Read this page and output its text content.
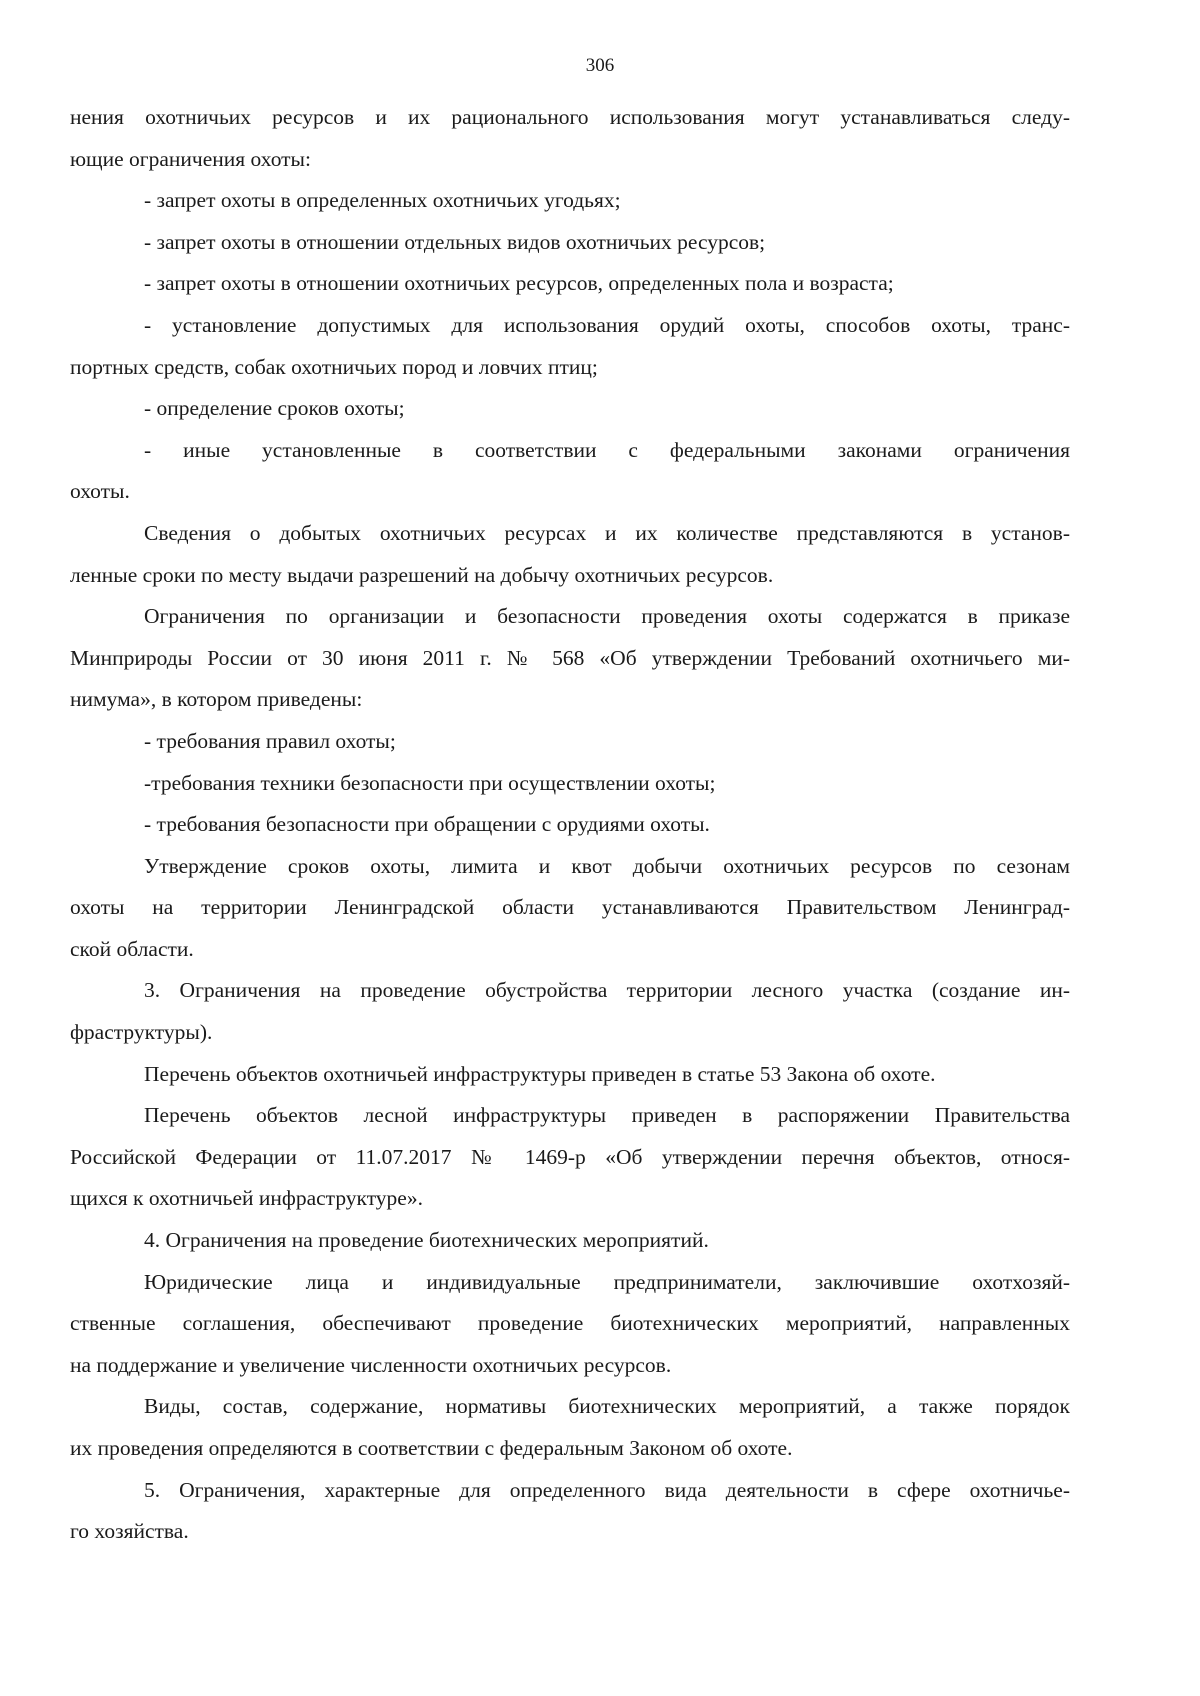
306
нения охотничьих ресурсов и их рационального использования могут устанавливаться следу-
ющие ограничения охоты:
- запрет охоты в определенных охотничьих угодьях;
- запрет охоты в отношении отдельных видов охотничьих ресурсов;
- запрет охоты в отношении охотничьих ресурсов, определенных пола и возраста;
- установление допустимых для использования орудий охоты, способов охоты, транс-
портных средств, собак охотничьих пород и ловчих птиц;
- определение сроков охоты;
- иные установленные в соответствии с федеральными законами ограничения
охоты.
Сведения о добытых охотничьих ресурсах и их количестве представляются в установ-
ленные сроки по месту выдачи разрешений на добычу охотничьих ресурсов.
Ограничения по организации и безопасности проведения охоты содержатся в приказе
Минприроды России от 30 июня 2011 г. № 568 «Об утверждении Требований охотничьего ми-
нимума», в котором приведены:
- требования правил охоты;
-требования техники безопасности при осуществлении охоты;
- требования безопасности при обращении с орудиями охоты.
Утверждение сроков охоты, лимита и квот добычи охотничьих ресурсов по сезонам
охоты на территории Ленинградской области устанавливаются Правительством Ленинград-
ской области.
3. Ограничения на проведение обустройства территории лесного участка (создание ин-
фраструктуры).
Перечень объектов охотничьей инфраструктуры приведен в статье 53 Закона об охоте.
Перечень объектов лесной инфраструктуры приведен в распоряжении Правительства
Российской Федерации от 11.07.2017 № 1469-р «Об утверждении перечня объектов, относя-
щихся к охотничьей инфраструктуре».
4. Ограничения на проведение биотехнических мероприятий.
Юридические лица и индивидуальные предприниматели, заключившие охотхозяй-
ственные соглашения, обеспечивают проведение биотехнических мероприятий, направленных
на поддержание и увеличение численности охотничьих ресурсов.
Виды, состав, содержание, нормативы биотехнических мероприятий, а также порядок
их проведения определяются в соответствии с федеральным Законом об охоте.
5. Ограничения, характерные для определенного вида деятельности в сфере охотничье-
го хозяйства.
